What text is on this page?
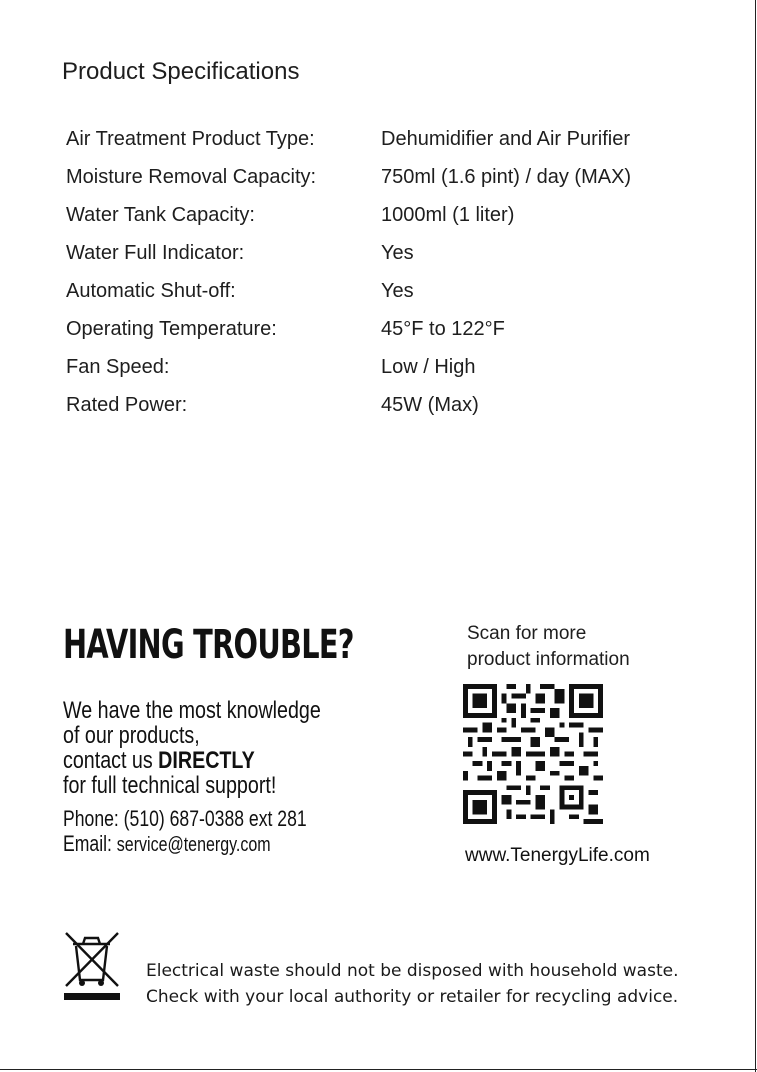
Product Specifications
Air Treatment Product Type:	Dehumidifier and Air Purifier
Moisture Removal Capacity:	750ml (1.6 pint) / day (MAX)
Water Tank Capacity:	1000ml (1 liter)
Water Full Indicator:	Yes
Automatic Shut-off:	Yes
Operating Temperature:	45°F to 122°F
Fan Speed:	Low / High
Rated Power:	45W (Max)
HAVING TROUBLE?
We have the most knowledge
of our products,
contact us DIRECTLY
for full technical support!
Phone: (510) 687-0388 ext 281
Email: service@tenergy.com
Scan for more
product information
www.TenergyLife.com
Electrical waste should not be disposed with household waste.
Check with your local authority or retailer for recycling advice.
